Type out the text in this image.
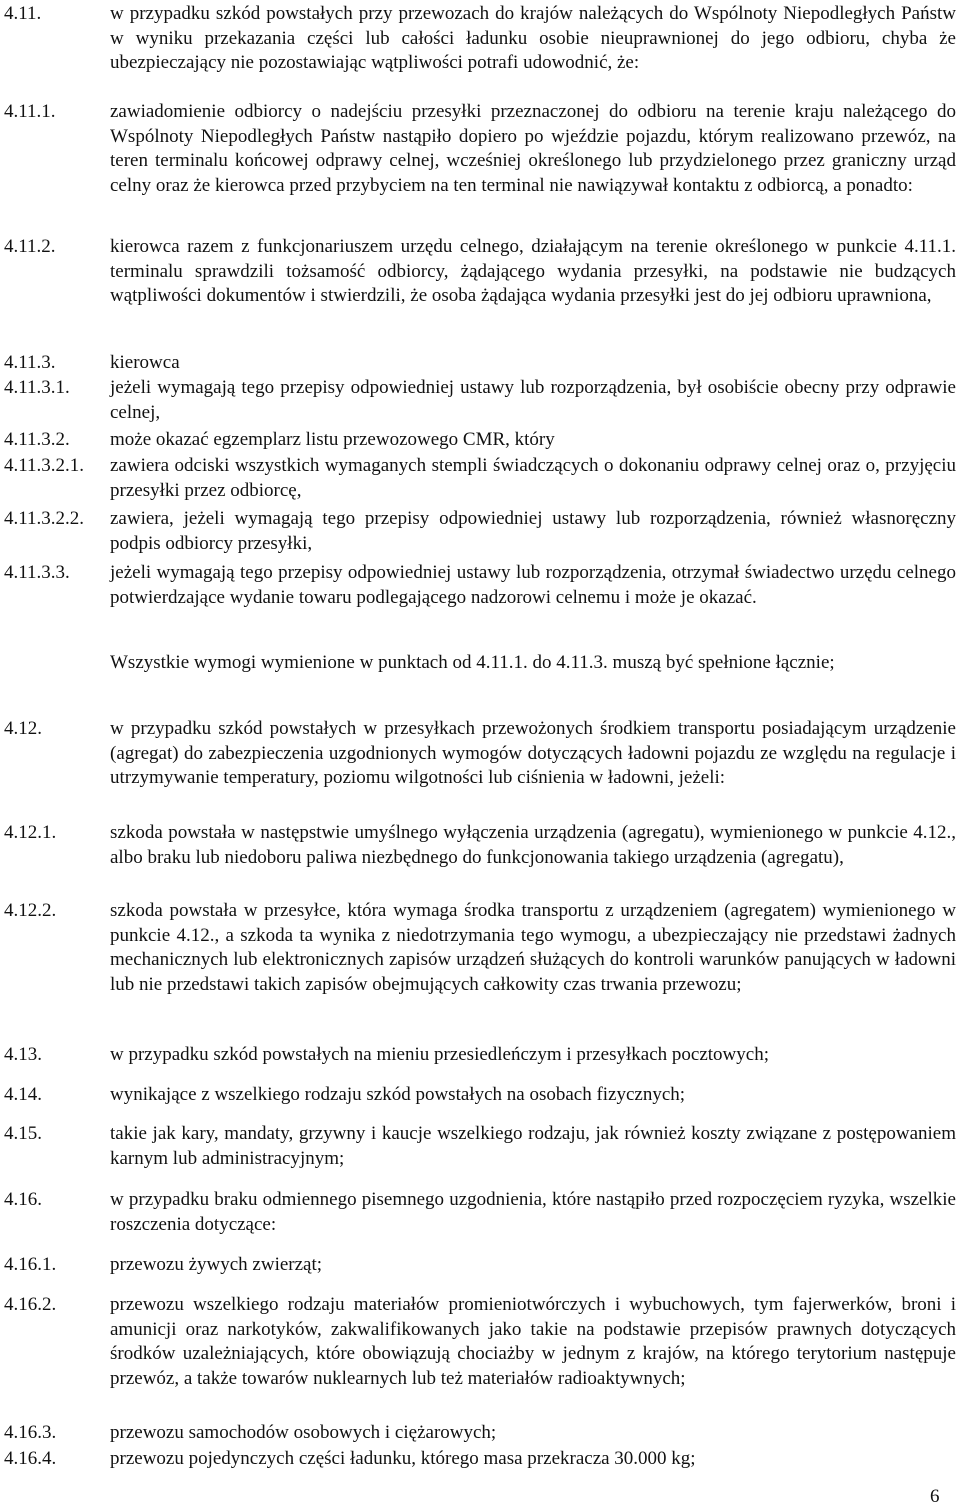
4.11.	w przypadku szkód powstałych przy przewozach do krajów należących do Wspólnoty Niepodległych Państw w wyniku przekazania części lub całości ładunku osobie nieuprawnionej do jego odbioru, chyba że ubezpieczający nie pozostawiając wątpliwości potrafi udowodnić, że:
4.11.1.	zawiadomienie odbiorcy o nadejściu przesyłki przeznaczonej do odbioru na terenie kraju należącego do Wspólnoty Niepodległych Państw nastąpiło dopiero po wjeździe pojazdu, którym realizowano przewóz, na teren terminalu końcowej odprawy celnej, wcześniej określonego lub przydzielonego przez graniczny urząd celny oraz że kierowca przed przybyciem na ten terminal nie nawiązywał kontaktu z odbiorcą, a ponadto:
4.11.2.	kierowca razem z funkcjonariuszem urzędu celnego, działającym na terenie określonego w punkcie 4.11.1. terminalu sprawdzili tożsamość odbiorcy, żądającego wydania przesyłki, na podstawie nie budzących wątpliwości dokumentów i stwierdzili, że osoba żądająca wydania przesyłki jest do jej odbioru uprawniona,
4.11.3.	kierowca
4.11.3.1. jeżeli wymagają tego przepisy odpowiedniej ustawy lub rozporządzenia, był osobiście obecny przy odprawie celnej,
4.11.3.2. może okazać egzemplarz listu przewozowego CMR, który
4.11.3.2.1. zawiera odciski wszystkich wymaganych stempli świadczących o dokonaniu odprawy celnej oraz o, przyjęciu przesyłki przez odbiorcę,
4.11.3.2.2. zawiera, jeżeli wymagają tego przepisy odpowiedniej ustawy lub rozporządzenia, również własnoręczny podpis odbiorcy przesyłki,
4.11.3.3. jeżeli wymagają tego przepisy odpowiedniej ustawy lub rozporządzenia, otrzymał świadectwo urzędu celnego potwierdzające wydanie towaru podlegającego nadzorowi celnemu i może je okazać.
Wszystkie wymogi wymienione w punktach od 4.11.1. do 4.11.3. muszą być spełnione łącznie;
4.12.	w przypadku szkód powstałych w przesyłkach przewożonych środkiem transportu posiadającym urządzenie (agregat) do zabezpieczenia uzgodnionych wymogów dotyczących ładowni pojazdu ze względu na regulacje i utrzymywanie temperatury, poziomu wilgotności lub ciśnienia w ładowni, jeżeli:
4.12.1.	szkoda powstała w następstwie umyślnego wyłączenia urządzenia (agregatu), wymienionego w punkcie 4.12., albo braku lub niedoboru paliwa niezbędnego do funkcjonowania takiego urządzenia (agregatu),
4.12.2.	szkoda powstała w przesyłce, która wymaga środka transportu z urządzeniem (agregatem) wymienionego w punkcie 4.12., a szkoda ta wynika z niedotrzymania tego wymogu, a ubezpieczający nie przedstawi żadnych mechanicznych lub elektronicznych zapisów urządzeń służących do kontroli warunków panujących w ładowni lub nie przedstawi takich zapisów obejmujących całkowity czas trwania przewozu;
4.13.	w przypadku szkód powstałych na mieniu przesiedleńczym i przesyłkach pocztowych;
4.14.	wynikające z wszelkiego rodzaju szkód powstałych na osobach fizycznych;
4.15.	takie jak kary, mandaty, grzywny i kaucje wszelkiego rodzaju, jak również koszty związane z postępowaniem karnym lub administracyjnym;
4.16.	w przypadku braku odmiennego pisemnego uzgodnienia, które nastąpiło przed rozpoczęciem ryzyka, wszelkie roszczenia dotyczące:
4.16.1.	przewozu żywych zwierząt;
4.16.2.	przewozu wszelkiego rodzaju materiałów promieniotwórczych i wybuchowych, tym fajerwerków, broni i amunicji oraz narkotyków, zakwalifikowanych jako takie na podstawie przepisów prawnych dotyczących środków uzależniających, które obowiązują chociażby w jednym z krajów, na którego terytorium następuje przewóz, a także towarów nuklearnych lub też materiałów radioaktywnych;
4.16.3.	przewozu samochodów osobowych i ciężarowych;
4.16.4.	przewozu pojedynczych części ładunku, którego masa przekracza 30.000 kg;
6
